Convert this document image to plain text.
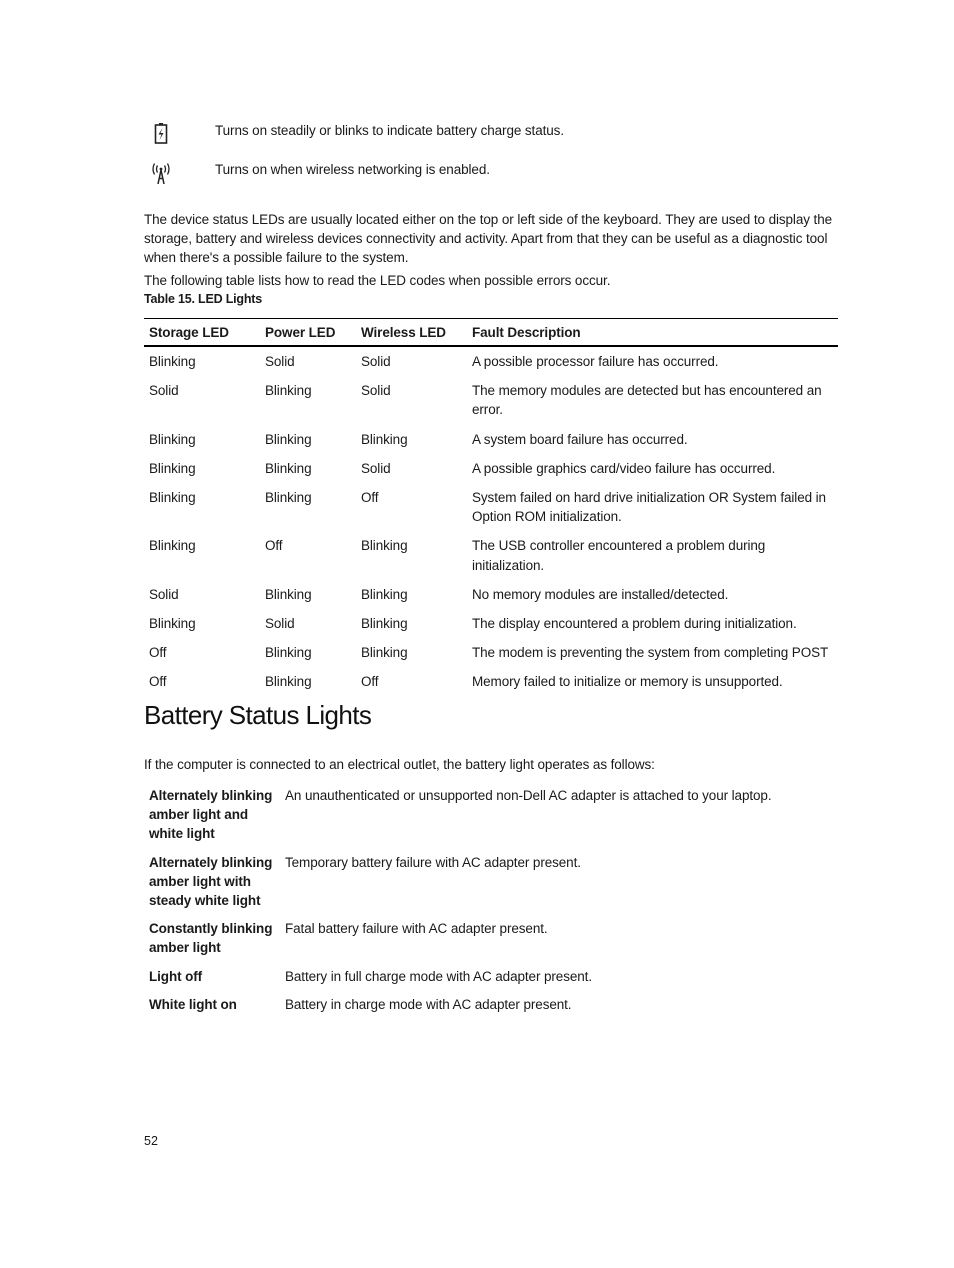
Turns on steadily or blinks to indicate battery charge status.
Turns on when wireless networking is enabled.

The device status LEDs are usually located either on the top or left side of the keyboard. They are used to display the storage, battery and wireless devices connectivity and activity. Apart from that they can be useful as a diagnostic tool when there's a possible failure to the system.

The following table lists how to read the LED codes when possible errors occur.

Table 15. LED Lights
Storage LED	Power LED	Wireless LED	Fault Description
Blinking	Solid	Solid	A possible processor failure has occurred.
Solid	Blinking	Solid	The memory modules are detected but has encountered an error.
Blinking	Blinking	Blinking	A system board failure has occurred.
Blinking	Blinking	Solid	A possible graphics card/video failure has occurred.
Blinking	Blinking	Off	System failed on hard drive initialization OR System failed in Option ROM initialization.
Blinking	Off	Blinking	The USB controller encountered a problem during initialization.
Solid	Blinking	Blinking	No memory modules are installed/detected.
Blinking	Solid	Blinking	The display encountered a problem during initialization.
Off	Blinking	Blinking	The modem is preventing the system from completing POST
Off	Blinking	Off	Memory failed to initialize or memory is unsupported.
Battery Status Lights

If the computer is connected to an electrical outlet, the battery light operates as follows:

Alternately blinking amber light and white light	An unauthenticated or unsupported non-Dell AC adapter is attached to your laptop.
Alternately blinking amber light with steady white light	Temporary battery failure with AC adapter present.
Constantly blinking amber light	Fatal battery failure with AC adapter present.
Light off	Battery in full charge mode with AC adapter present.
White light on	Battery in charge mode with AC adapter present.
52
